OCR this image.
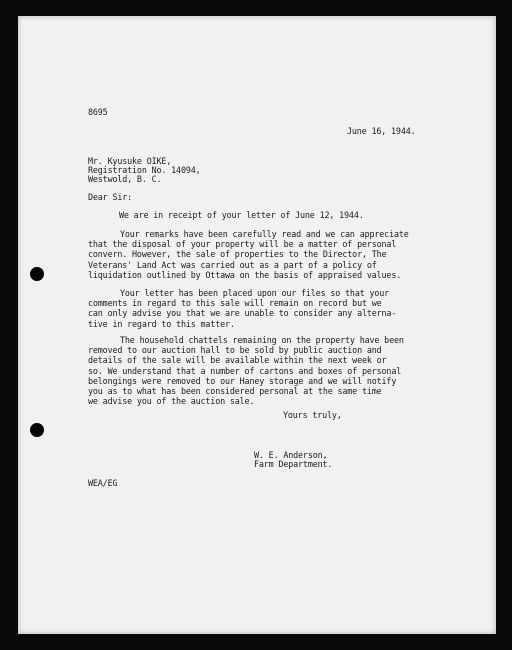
8695

June 16, 1944.

Mr. Kyusuke OIKE,

Registration No. 14094,

Westwold, B. C.

Dear Sir:

We are in receipt of your letter of June 12, 1944.

Your remarks have been carefully read and we can appreciate
that the disposal of your property will be a matter of personal
convern. However, the sale of properties to the Director, The
Veterans' Land Act was carried out as a part of a policy of
liquidation outlined by Ottawa on the basis of appraised values.

Your letter has been placed upon our files so that your
comments in regard to this sale will remain on record but we
can only advise you that we are unable to consider any alterna-
tive in regard to this matter.

The household chattels remaining on the property have been
removed to our auction hall to be sold by public auction and
details of the sale will be available within the next week or
so. We understand that a number of cartons and boxes of personal
belongings were removed to our Haney storage and we will notify
you as to what has been considered personal at the same time
we advise you of the auction sale.

Yours truly,

W. E. Anderson,

Farm Department.

WEA/EG
